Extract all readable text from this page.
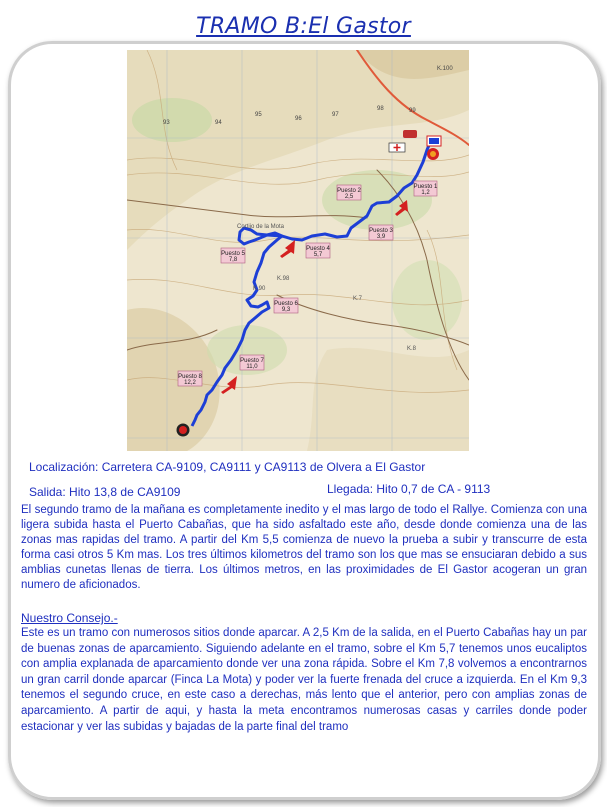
TRAMO B:El Gastor
Puesto 1
1,2
Puesto 2
2,5
Puesto 3
3,9
Puesto 4
5,7
Puesto 5
7,8
Puesto 6
9,3
Puesto 7
11,0
Puesto 8
12,2
93	94
95
96
97
98	99
K.100
Cortijo de la Mota
K.98
K.90
K.8
K.7
Localización: Carretera CA-9109, CA9111 y CA9113 de Olvera a El Gastor
Salida: Hito 13,8 de CA9109	Llegada: Hito 0,7 de CA - 9113
El segundo tramo de la mañana es completamente inedito y el mas largo de todo el Rallye. Comienza con una ligera subida hasta el Puerto Cabañas, que ha sido asfaltado este año, desde donde comienza una de las zonas mas rapidas del tramo. A partir del Km 5,5 comienza de nuevo la prueba a subir y transcurre de esta forma casi otros 5 Km mas. Los tres últimos kilometros del tramo son los que mas se ensuciaran debido a sus amblias cunetas llenas de tierra. Los últimos metros, en las proximidades de El Gastor acogeran un gran numero de aficionados.
Nuestro Consejo.-
Este es un tramo con numerosos sitios donde aparcar. A 2,5 Km de la salida, en el Puerto Cabañas hay un par de buenas zonas de aparcamiento. Siguiendo adelante en el tramo, sobre el Km 5,7 tenemos unos eucaliptos con amplia explanada de aparcamiento donde ver una zona rápida. Sobre el Km 7,8 volvemos a encontrarnos un gran carril donde aparcar (Finca La Mota) y poder ver la fuerte frenada del cruce a izquierda. En el Km 9,3 tenemos el segundo cruce, en este caso a derechas, más lento que el anterior, pero con amplias zonas de aparcamiento. A partir de aqui, y hasta la meta encontramos numerosas casas y carriles donde poder estacionar y ver las subidas y bajadas de la parte final del tramo
